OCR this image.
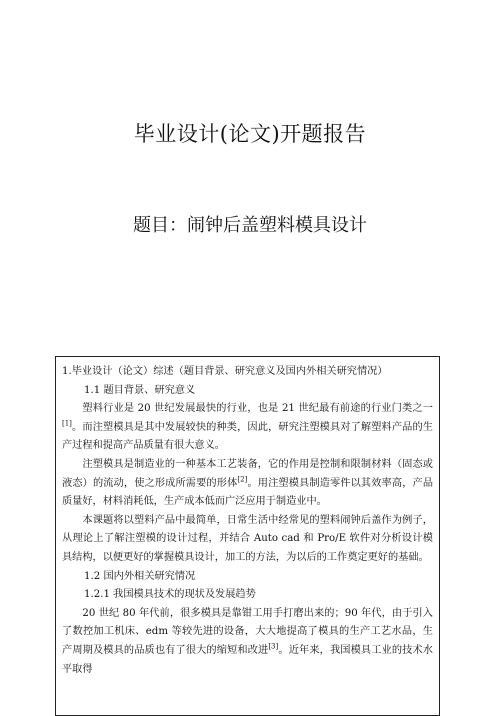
毕业设计(论文)开题报告
题目：闹钟后盖塑料模具设计

1.毕业设计（论文）综述（题目背景、研究意义及国内外相关研究情况）

1.1 题目背景、研究意义

塑料行业是 20 世纪发展最快的行业，也是 21 世纪最有前途的行业门类之一[1]。而注塑模具是其中发展较快的种类，因此，研究注塑模具对了解塑料产品的生产过程和提高产品质量有很大意义。

注塑模具是制造业的一种基本工艺装备，它的作用是控制和限制材料（固态或液态）的流动，使之形成所需要的形体[2]。用注塑模具制造零件以其效率高，产品质量好，材料消耗低，生产成本低而广泛应用于制造业中。

本课题将以塑料产品中最简单，日常生活中经常见的塑料闹钟后盖作为例子，从理论上了解注塑模的设计过程，并结合 Auto cad 和 Pro/E 软件对分析设计模具结构，以便更好的掌握模具设计，加工的方法，为以后的工作奠定更好的基础。

1.2 国内外相关研究情况

1.2.1 我国模具技术的现状及发展趋势

20 世纪 80 年代前，很多模具是靠钳工用手打磨出来的；90 年代，由于引入了数控加工机床、edm 等较先进的设备，大大地提高了模具的生产工艺水品，生产周期及模具的品质也有了很大的缩短和改进[3]。近年来，我国模具工业的技术水平取得
